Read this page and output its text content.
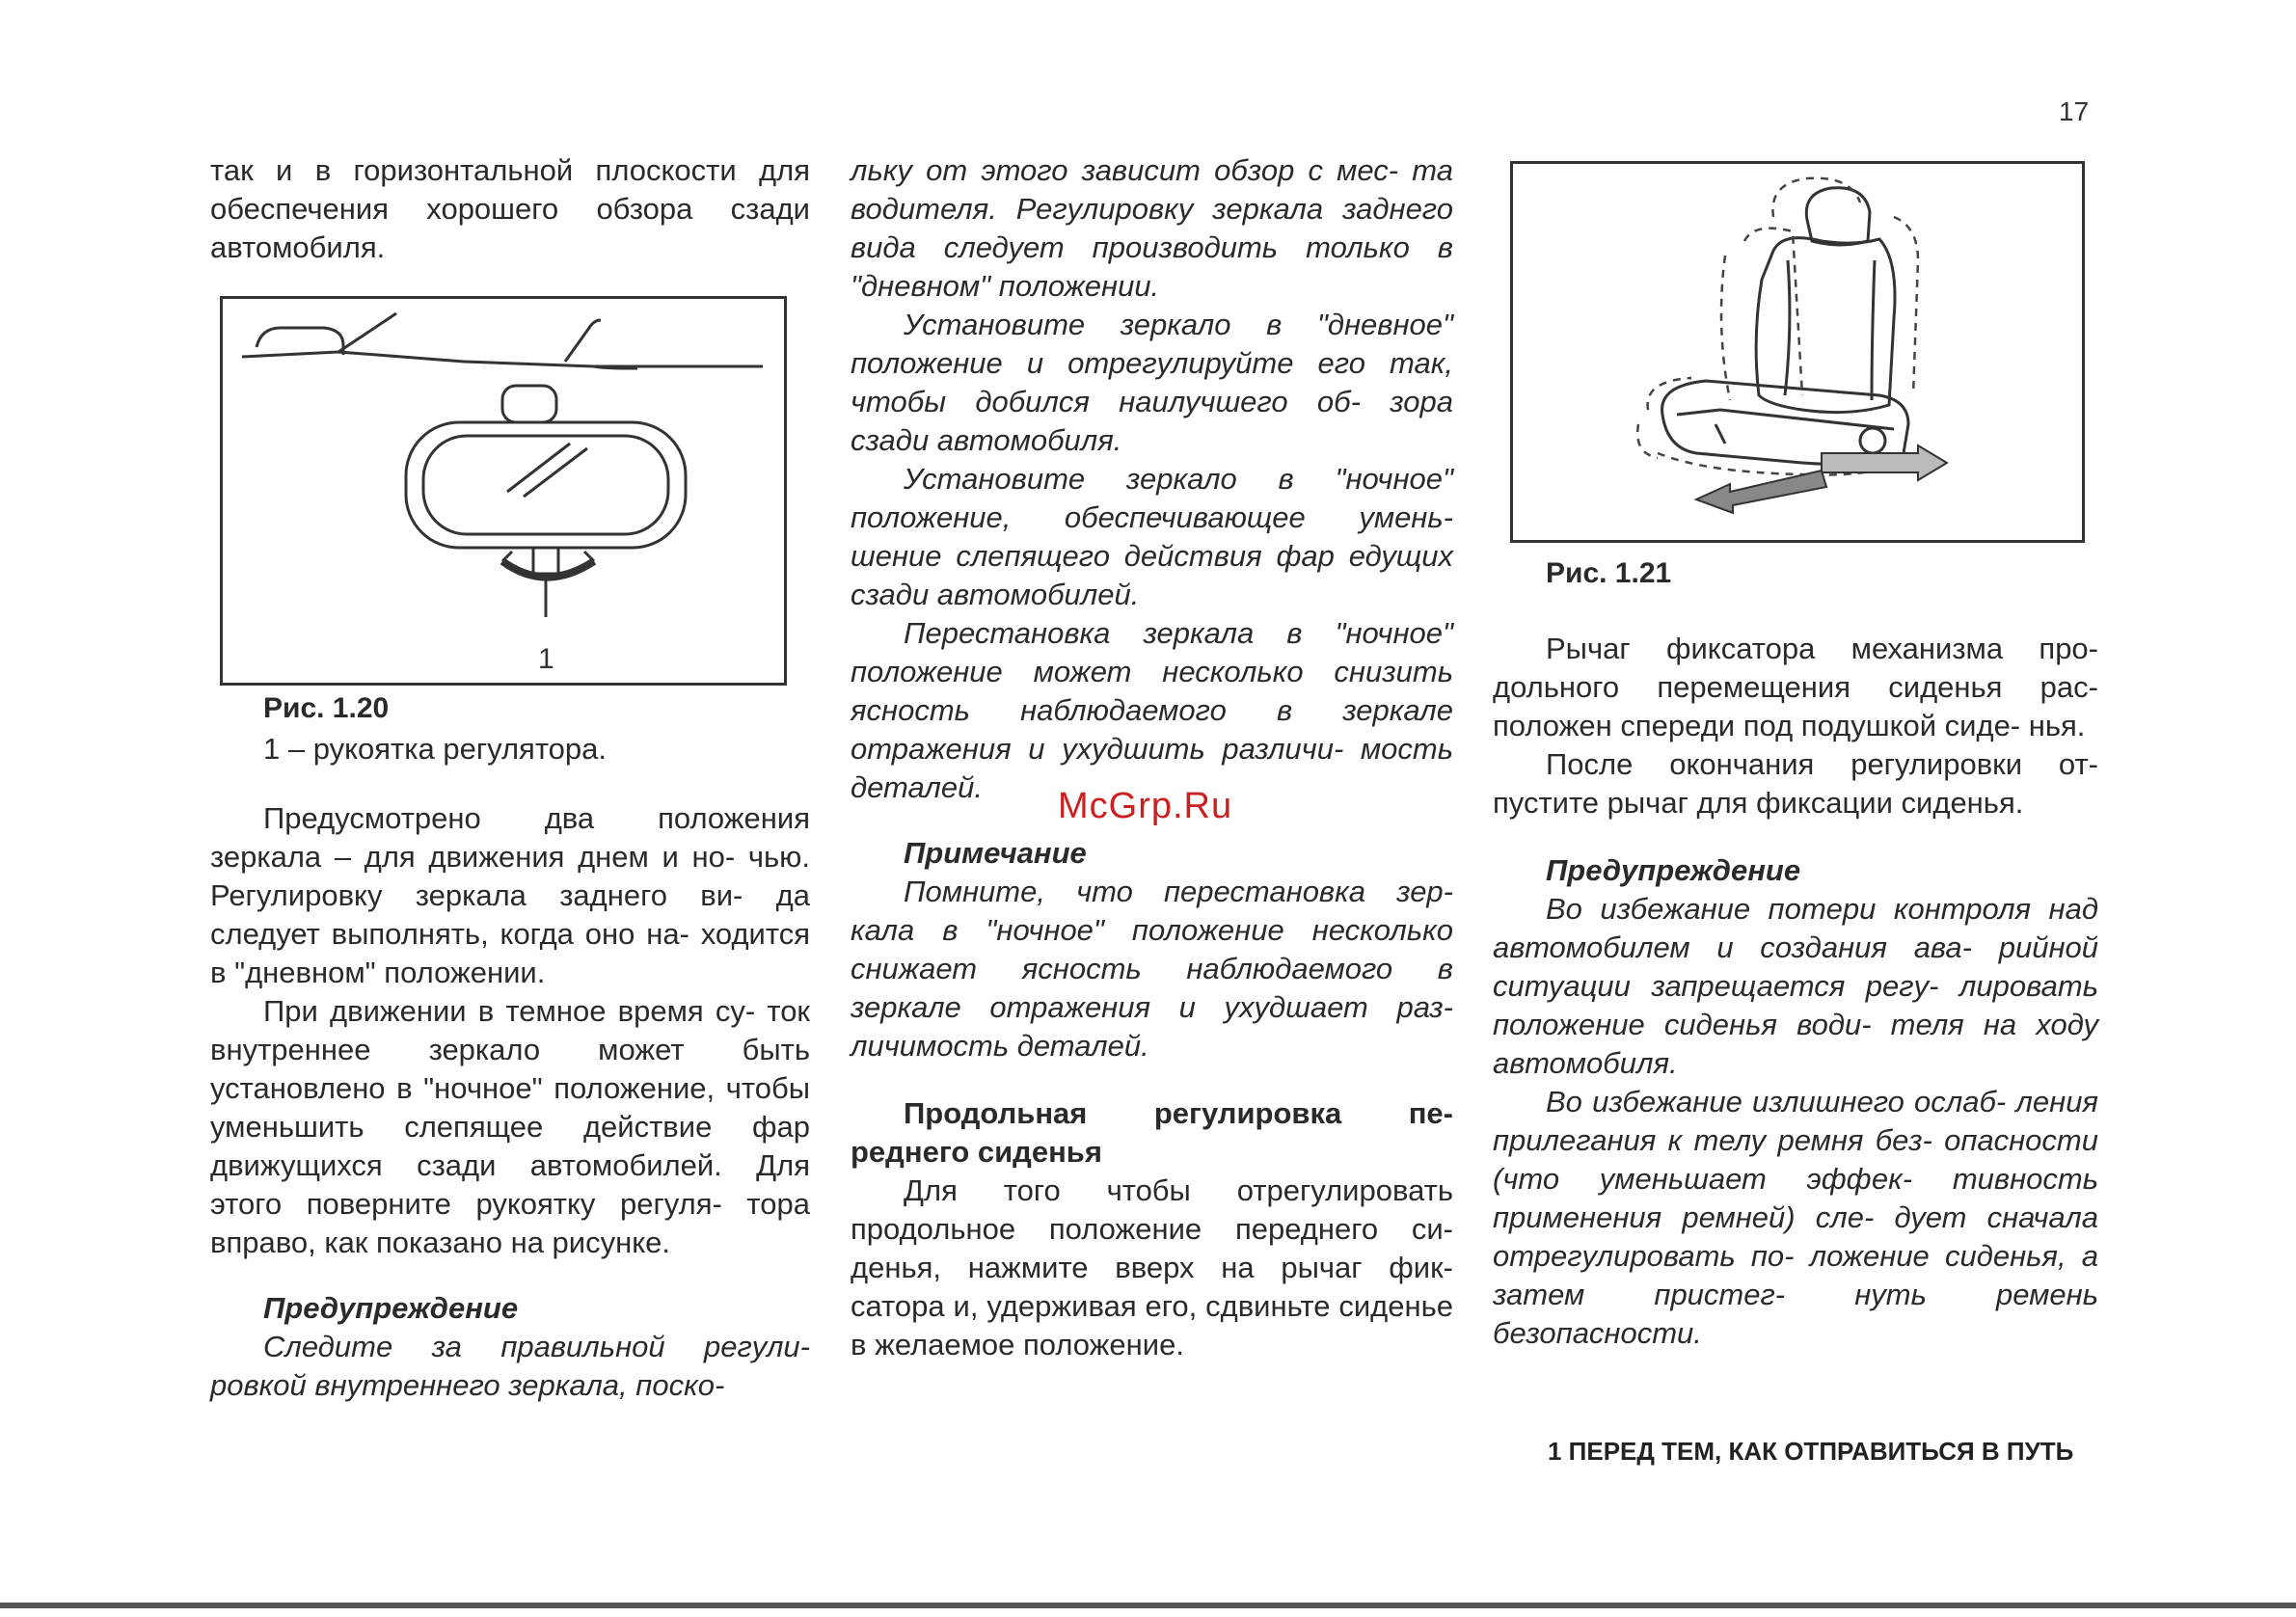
17

так и в горизонтальной плоскости для обеспечения хорошего обзора сзади автомобиля.

1

Рис. 1.20

1 – рукоятка регулятора.

Предусмотрено два положения зеркала – для движения днем и но- чью. Регулировку зеркала заднего ви- да следует выполнять, когда оно на- ходится в "дневном" положении.

При движении в темное время су- ток внутреннее зеркало может быть установлено в "ночное" положение, чтобы уменьшить слепящее действие фар движущихся сзади автомобилей. Для этого поверните рукоятку регуля- тора вправо, как показано на рисунке.

Предупреждение

Следите за правильной регули- ровкой внутреннего зеркала, поско-

льку от этого зависит обзор с мес- та водителя. Регулировку зеркала заднего вида следует производить только в "дневном" положении.

Установите зеркало в "дневное" положение и отрегулируйте его так, чтобы добился наилучшего об- зора сзади автомобиля.

Установите зеркало в "ночное" положение, обеспечивающее умень- шение слепящего действия фар едущих сзади автомобилей.

Перестановка зеркала в "ночное" положение может несколько снизить ясность наблюдаемого в зеркале отражения и ухудшить различи- мость деталей.

Примечание

Помните, что перестановка зер- кала в "ночное" положение несколько снижает ясность наблюдаемого в зеркале отражения и ухудшает раз- личимость деталей.

Продольная регулировка пе- реднего сиденья

Для того чтобы отрегулировать продольное положение переднего си- денья, нажмите вверх на рычаг фик- сатора и, удерживая его, сдвиньте сиденье в желаемое положение.

Рис. 1.21

Рычаг фиксатора механизма про- дольного перемещения сиденья рас- положен спереди под подушкой сиде- нья.

После окончания регулировки от- пустите рычаг для фиксации сиденья.

Предупреждение

Во избежание потери контроля над автомобилем и создания ава- рийной ситуации запрещается регу- лировать положение сиденья води- теля на ходу автомобиля.

Во избежание излишнего ослаб- ления прилегания к телу ремня без- опасности (что уменьшает эффек- тивность применения ремней) сле- дует сначала отрегулировать по- ложение сиденья, а затем пристег- нуть ремень безопасности.

McGrp.Ru
1 ПЕРЕД ТЕМ, КАК ОТПРАВИТЬСЯ В ПУТЬ
